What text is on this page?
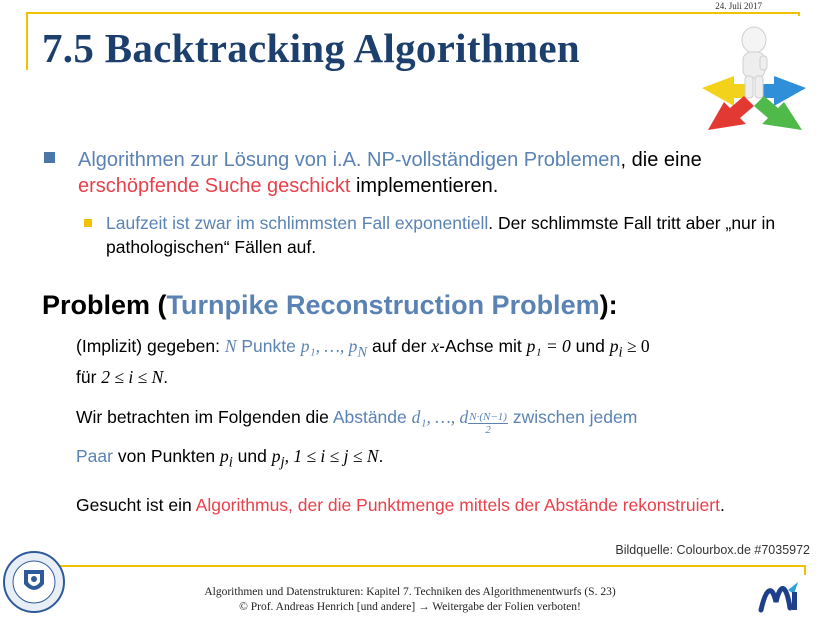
24. Juli 2017
7.5 Backtracking Algorithmen
Algorithmen zur Lösung von i.A. NP-vollständigen Problemen, die eine erschöpfende Suche geschickt implementieren.
Laufzeit ist zwar im schlimmsten Fall exponentiell. Der schlimmste Fall tritt aber „nur in pathologischen“ Fällen auf.
Problem (Turnpike Reconstruction Problem):
(Implizit) gegeben: N Punkte p₁, …, $p_N$ auf der x-Achse mit p₁ = 0 und $p_i \ge 0$
für 2 ≤ i ≤ N.
Wir betrachten im Folgenden die Abstände d₁, …, d $\frac{N\cdot(N-1)}{2}$ zwischen jedem
Paar von Punkten $p_i$ und $p_j$, 1 ≤ i ≤ j ≤ N.
Gesucht ist ein Algorithmus, der die Punktmenge mittels der Abstände rekonstruiert.
Bildquelle: Colourbox.de #7035972
Algorithmen und Datenstrukturen: Kapitel 7. Techniken des Algorithmenentwurfs (S. 23)
© Prof. Andreas Henrich [und andere] → Weitergabe der Folien verboten!
